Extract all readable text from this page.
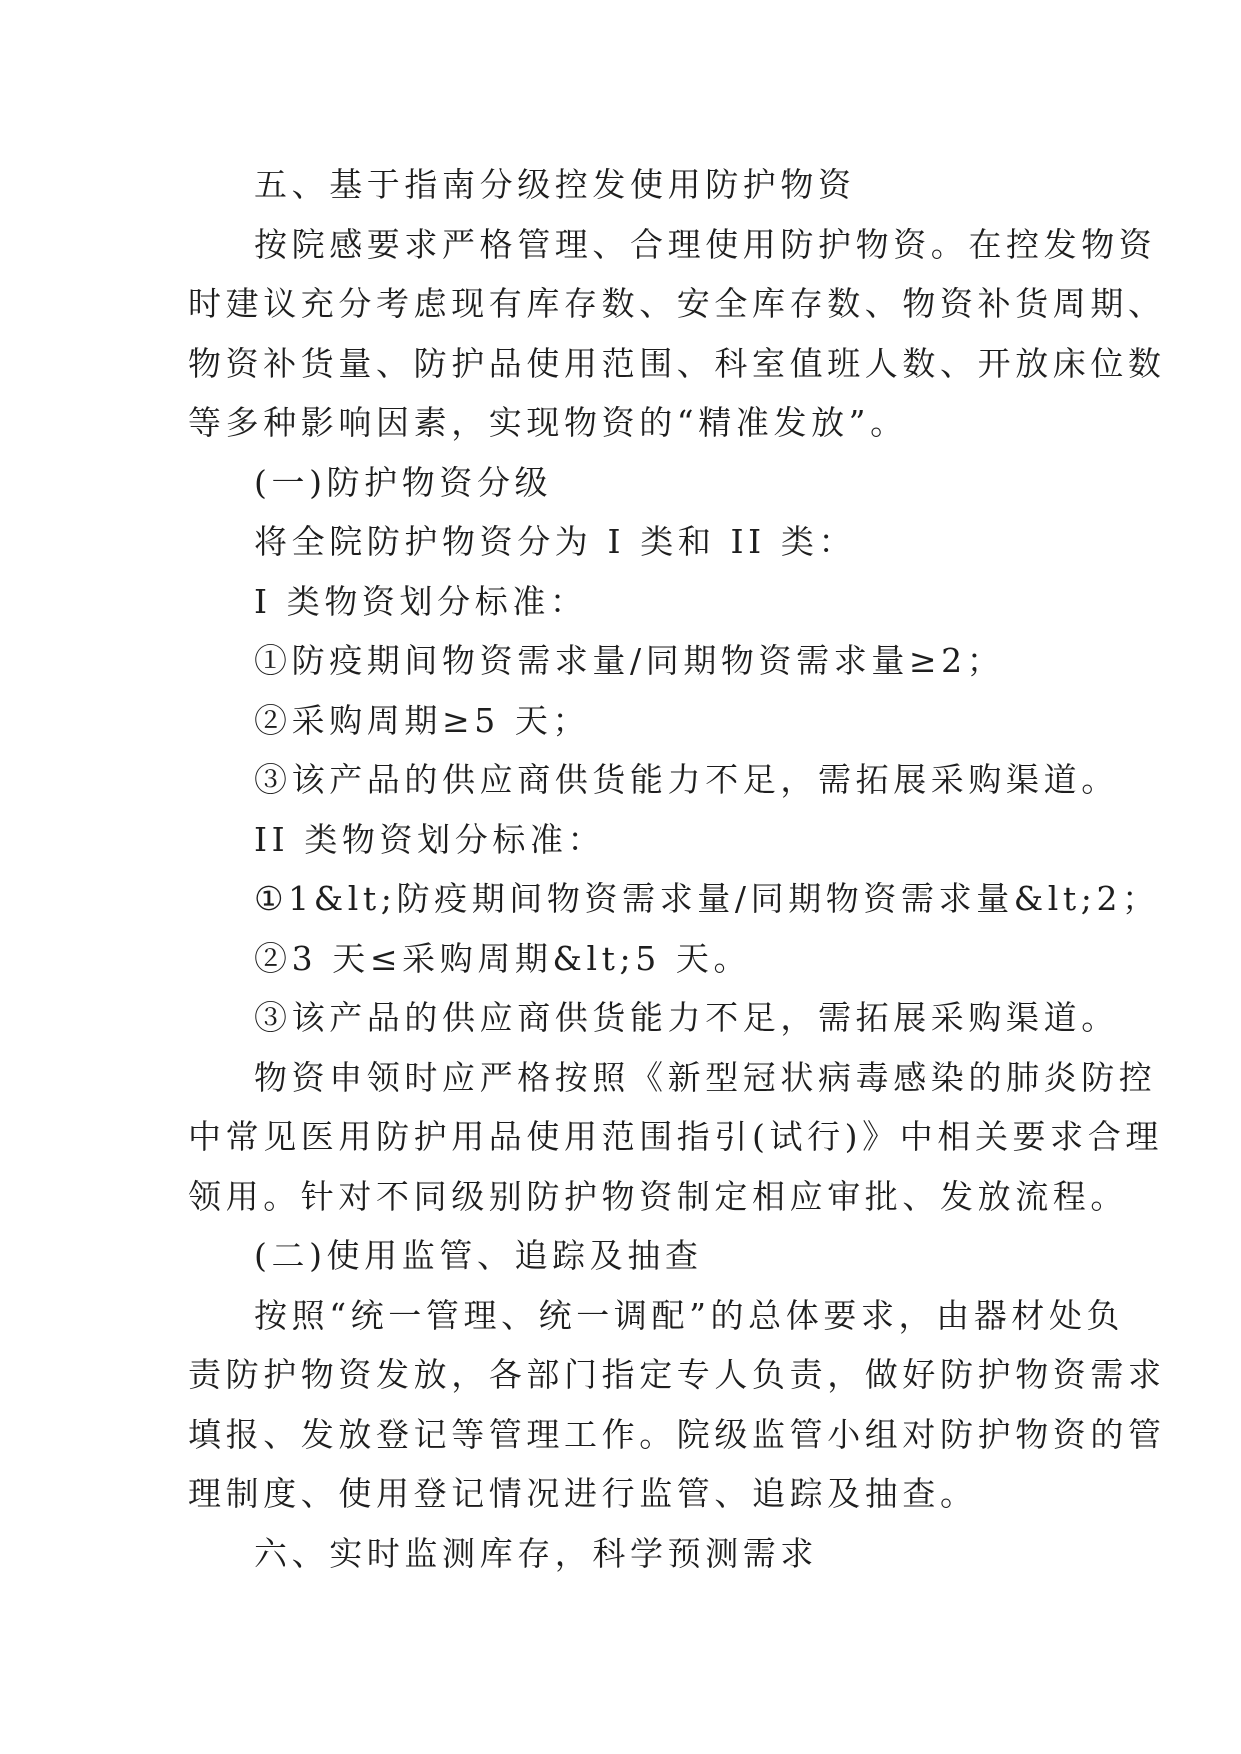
五、基于指南分级控发使用防护物资
按院感要求严格管理、合理使用防护物资。在控发物资
时建议充分考虑现有库存数、安全库存数、物资补货周期、
物资补货量、防护品使用范围、科室值班人数、开放床位数
等多种影响因素，实现物资的“精准发放”。
(一)防护物资分级
将全院防护物资分为 I 类和 II 类：
I 类物资划分标准：
①防疫期间物资需求量/同期物资需求量≥2；
②采购周期≥5 天；
③该产品的供应商供货能力不足，需拓展采购渠道。
II 类物资划分标准：
①1&lt;防疫期间物资需求量/同期物资需求量&lt;2；
②3 天≤采购周期&lt;5 天。
③该产品的供应商供货能力不足，需拓展采购渠道。
物资申领时应严格按照《新型冠状病毒感染的肺炎防控
中常见医用防护用品使用范围指引(试行)》中相关要求合理
领用。针对不同级别防护物资制定相应审批、发放流程。
(二)使用监管、追踪及抽查
按照“统一管理、统一调配”的总体要求，由器材处负
责防护物资发放，各部门指定专人负责，做好防护物资需求
填报、发放登记等管理工作。院级监管小组对防护物资的管
理制度、使用登记情况进行监管、追踪及抽查。
六、实时监测库存，科学预测需求
